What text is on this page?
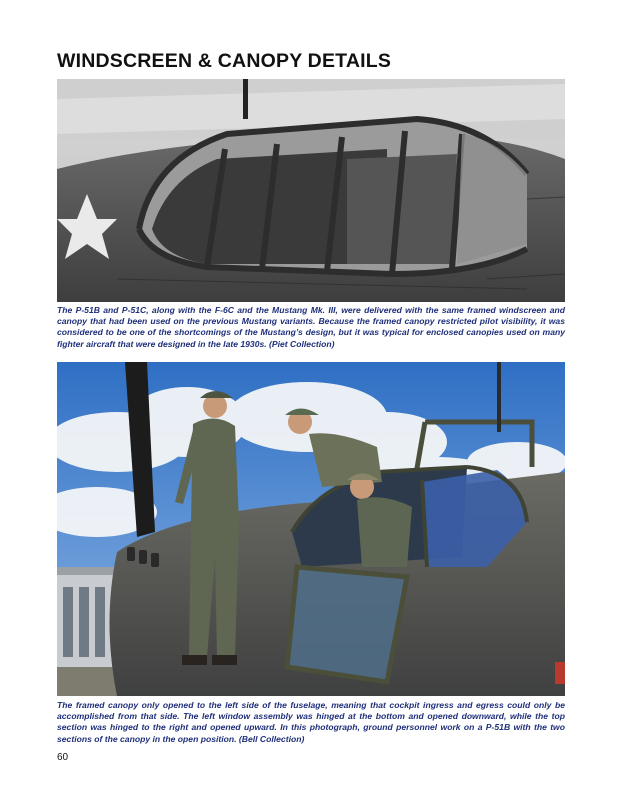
WINDSCREEN & CANOPY DETAILS
The P-51B and P-51C, along with the F-6C and the Mustang Mk. III, were delivered with the same framed windscreen and canopy that had been used on the previous Mustang variants. Because the framed canopy restricted pilot visibility, it was considered to be one of the shortcomings of the Mustang’s design, but it was typical for enclosed canopies used on many fighter aircraft that were designed in the late 1930s. (Piet Collection)
The framed canopy only opened to the left side of the fuselage, meaning that cockpit ingress and egress could only be accomplished from that side. The left window assembly was hinged at the bottom and opened downward, while the top section was hinged to the right and opened upward. In this photograph, ground personnel work on a P-51B with the two sections of the canopy in the open position. (Bell Collection)
60
